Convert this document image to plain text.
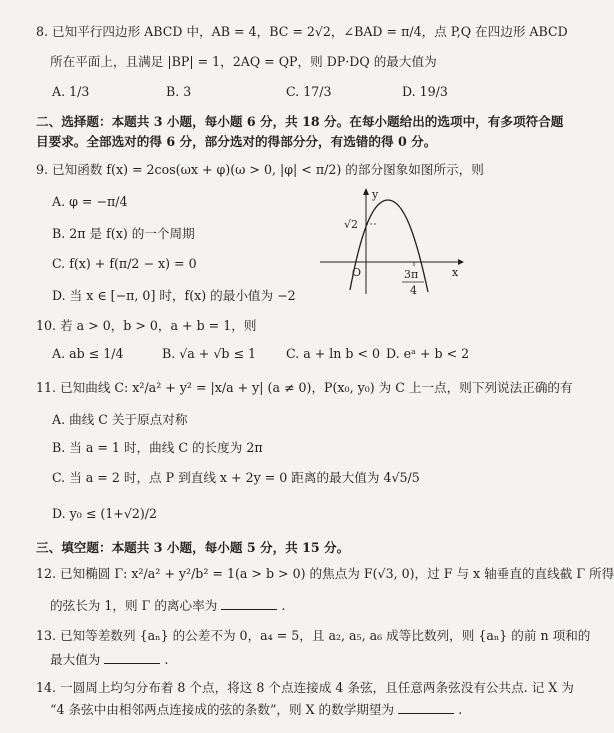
8. 已知平行四边形 ABCD 中，AB = 4，BC = 2√2，∠BAD = π/4，点 P,Q 在四边形 ABCD
所在平面上，且满足 |BP| = 1，2AQ = QP，则 DP·DQ 的最大值为
A. 1/3	B. 3	C. 17/3	D. 19/3
二、选择题：本题共 3 小题，每小题 6 分，共 18 分。在每小题给出的选项中，有多项符合题
目要求。全部选对的得 6 分，部分选对的得部分分，有选错的得 0 分。
9. 已知函数 f(x) = 2cos(ωx + φ)(ω > 0, |φ| < π/2) 的部分图象如图所示，则
A. φ = −π/4
B. 2π 是 f(x) 的一个周期
C. f(x) + f(π/2 − x) = 0
D. 当 x ∈ [−π, 0] 时，f(x) 的最小值为 −2
y
x
O
√2
3π
4
10. 若 a > 0，b > 0，a + b = 1，则
A. ab ≤ 1/4	B. √a + √b ≤ 1 C. a + ln b < 0 D. eᵃ + b < 2
11. 已知曲线 C: x²/a² + y² = |x/a + y| (a ≠ 0)，P(x₀, y₀) 为 C 上一点，则下列说法正确的有
A. 曲线 C 关于原点对称
B. 当 a = 1 时，曲线 C 的长度为 2π
C. 当 a = 2 时，点 P 到直线 x + 2y = 0 距离的最大值为 4√5/5
D. y₀ ≤ (1+√2)/2
三、填空题：本题共 3 小题，每小题 5 分，共 15 分。
12. 已知椭圆 Γ: x²/a² + y²/b² = 1(a > b > 0) 的焦点为 F(√3, 0)，过 F 与 x 轴垂直的直线截 Γ 所得
的弦长为 1，则 Γ 的离心率为	.
13. 已知等差数列 {aₙ} 的公差不为 0，a₄ = 5，且 a₂, a₅, a₆ 成等比数列，则 {aₙ} 的前 n 项和的
最大值为	.
14. 一圆周上均匀分布着 8 个点，将这 8 个点连接成 4 条弦，且任意两条弦没有公共点. 记 X 为
“4 条弦中由相邻两点连接成的弦的条数”，则 X 的数学期望为	.
